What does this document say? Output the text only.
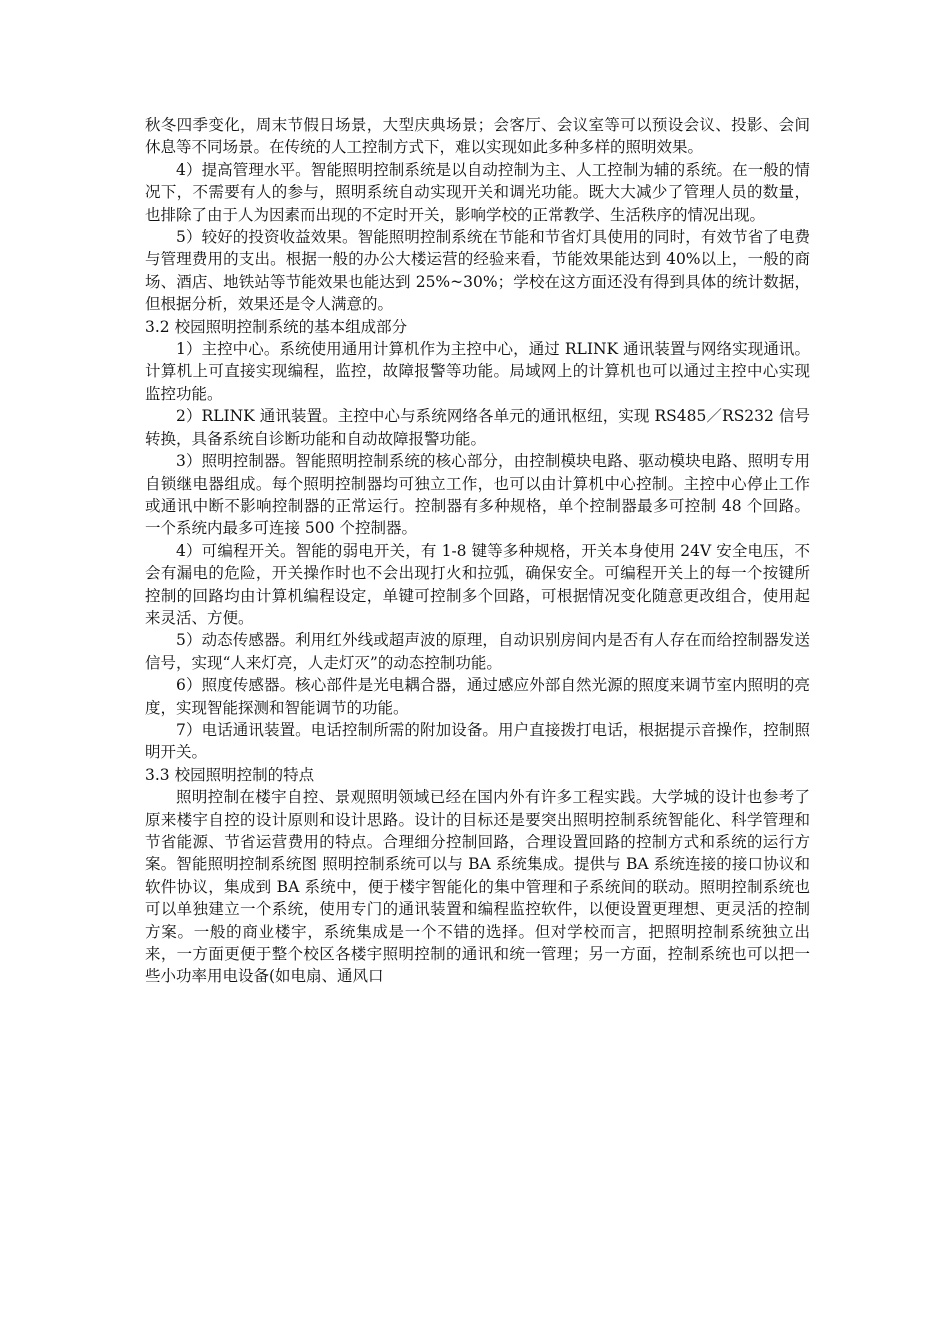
秋冬四季变化，周末节假日场景，大型庆典场景；会客厅、会议室等可以预设会议、投影、会间休息等不同场景。在传统的人工控制方式下，难以实现如此多种多样的照明效果。

4）提高管理水平。智能照明控制系统是以自动控制为主、人工控制为辅的系统。在一般的情况下，不需要有人的参与，照明系统自动实现开关和调光功能。既大大减少了管理人员的数量，也排除了由于人为因素而出现的不定时开关，影响学校的正常教学、生活秩序的情况出现。

5）较好的投资收益效果。智能照明控制系统在节能和节省灯具使用的同时，有效节省了电费与管理费用的支出。根据一般的办公大楼运营的经验来看，节能效果能达到 40%以上，一般的商场、酒店、地铁站等节能效果也能达到 25%~30%；学校在这方面还没有得到具体的统计数据，但根据分析，效果还是令人满意的。

3.2 校园照明控制系统的基本组成部分

1）主控中心。系统使用通用计算机作为主控中心，通过 RLINK 通讯装置与网络实现通讯。计算机上可直接实现编程，监控，故障报警等功能。局域网上的计算机也可以通过主控中心实现监控功能。

2）RLINK 通讯装置。主控中心与系统网络各单元的通讯枢纽，实现 RS485／RS232 信号转换，具备系统自诊断功能和自动故障报警功能。

3）照明控制器。智能照明控制系统的核心部分，由控制模块电路、驱动模块电路、照明专用自锁继电器组成。每个照明控制器均可独立工作，也可以由计算机中心控制。主控中心停止工作或通讯中断不影响控制器的正常运行。控制器有多种规格，单个控制器最多可控制 48 个回路。一个系统内最多可连接 500 个控制器。

4）可编程开关。智能的弱电开关，有 1-8 键等多种规格，开关本身使用 24V 安全电压，不会有漏电的危险，开关操作时也不会出现打火和拉弧，确保安全。可编程开关上的每一个按键所控制的回路均由计算机编程设定，单键可控制多个回路，可根据情况变化随意更改组合，使用起来灵活、方便。

5）动态传感器。利用红外线或超声波的原理，自动识别房间内是否有人存在而给控制器发送信号，实现“人来灯亮，人走灯灭”的动态控制功能。

6）照度传感器。核心部件是光电耦合器，通过感应外部自然光源的照度来调节室内照明的亮度，实现智能探测和智能调节的功能。

7）电话通讯装置。电话控制所需的附加设备。用户直接拨打电话，根据提示音操作，控制照明开关。

3.3 校园照明控制的特点

照明控制在楼宇自控、景观照明领域已经在国内外有许多工程实践。大学城的设计也参考了原来楼宇自控的设计原则和设计思路。设计的目标还是要突出照明控制系统智能化、科学管理和节省能源、节省运营费用的特点。合理细分控制回路，合理设置回路的控制方式和系统的运行方案。智能照明控制系统图 照明控制系统可以与 BA 系统集成。提供与 BA 系统连接的接口协议和软件协议，集成到 BA 系统中，便于楼宇智能化的集中管理和子系统间的联动。照明控制系统也可以单独建立一个系统，使用专门的通讯装置和编程监控软件，以便设置更理想、更灵活的控制方案。一般的商业楼宇，系统集成是一个不错的选择。但对学校而言，把照明控制系统独立出来，一方面更便于整个校区各楼宇照明控制的通讯和统一管理；另一方面，控制系统也可以把一些小功率用电设备(如电扇、通风口
